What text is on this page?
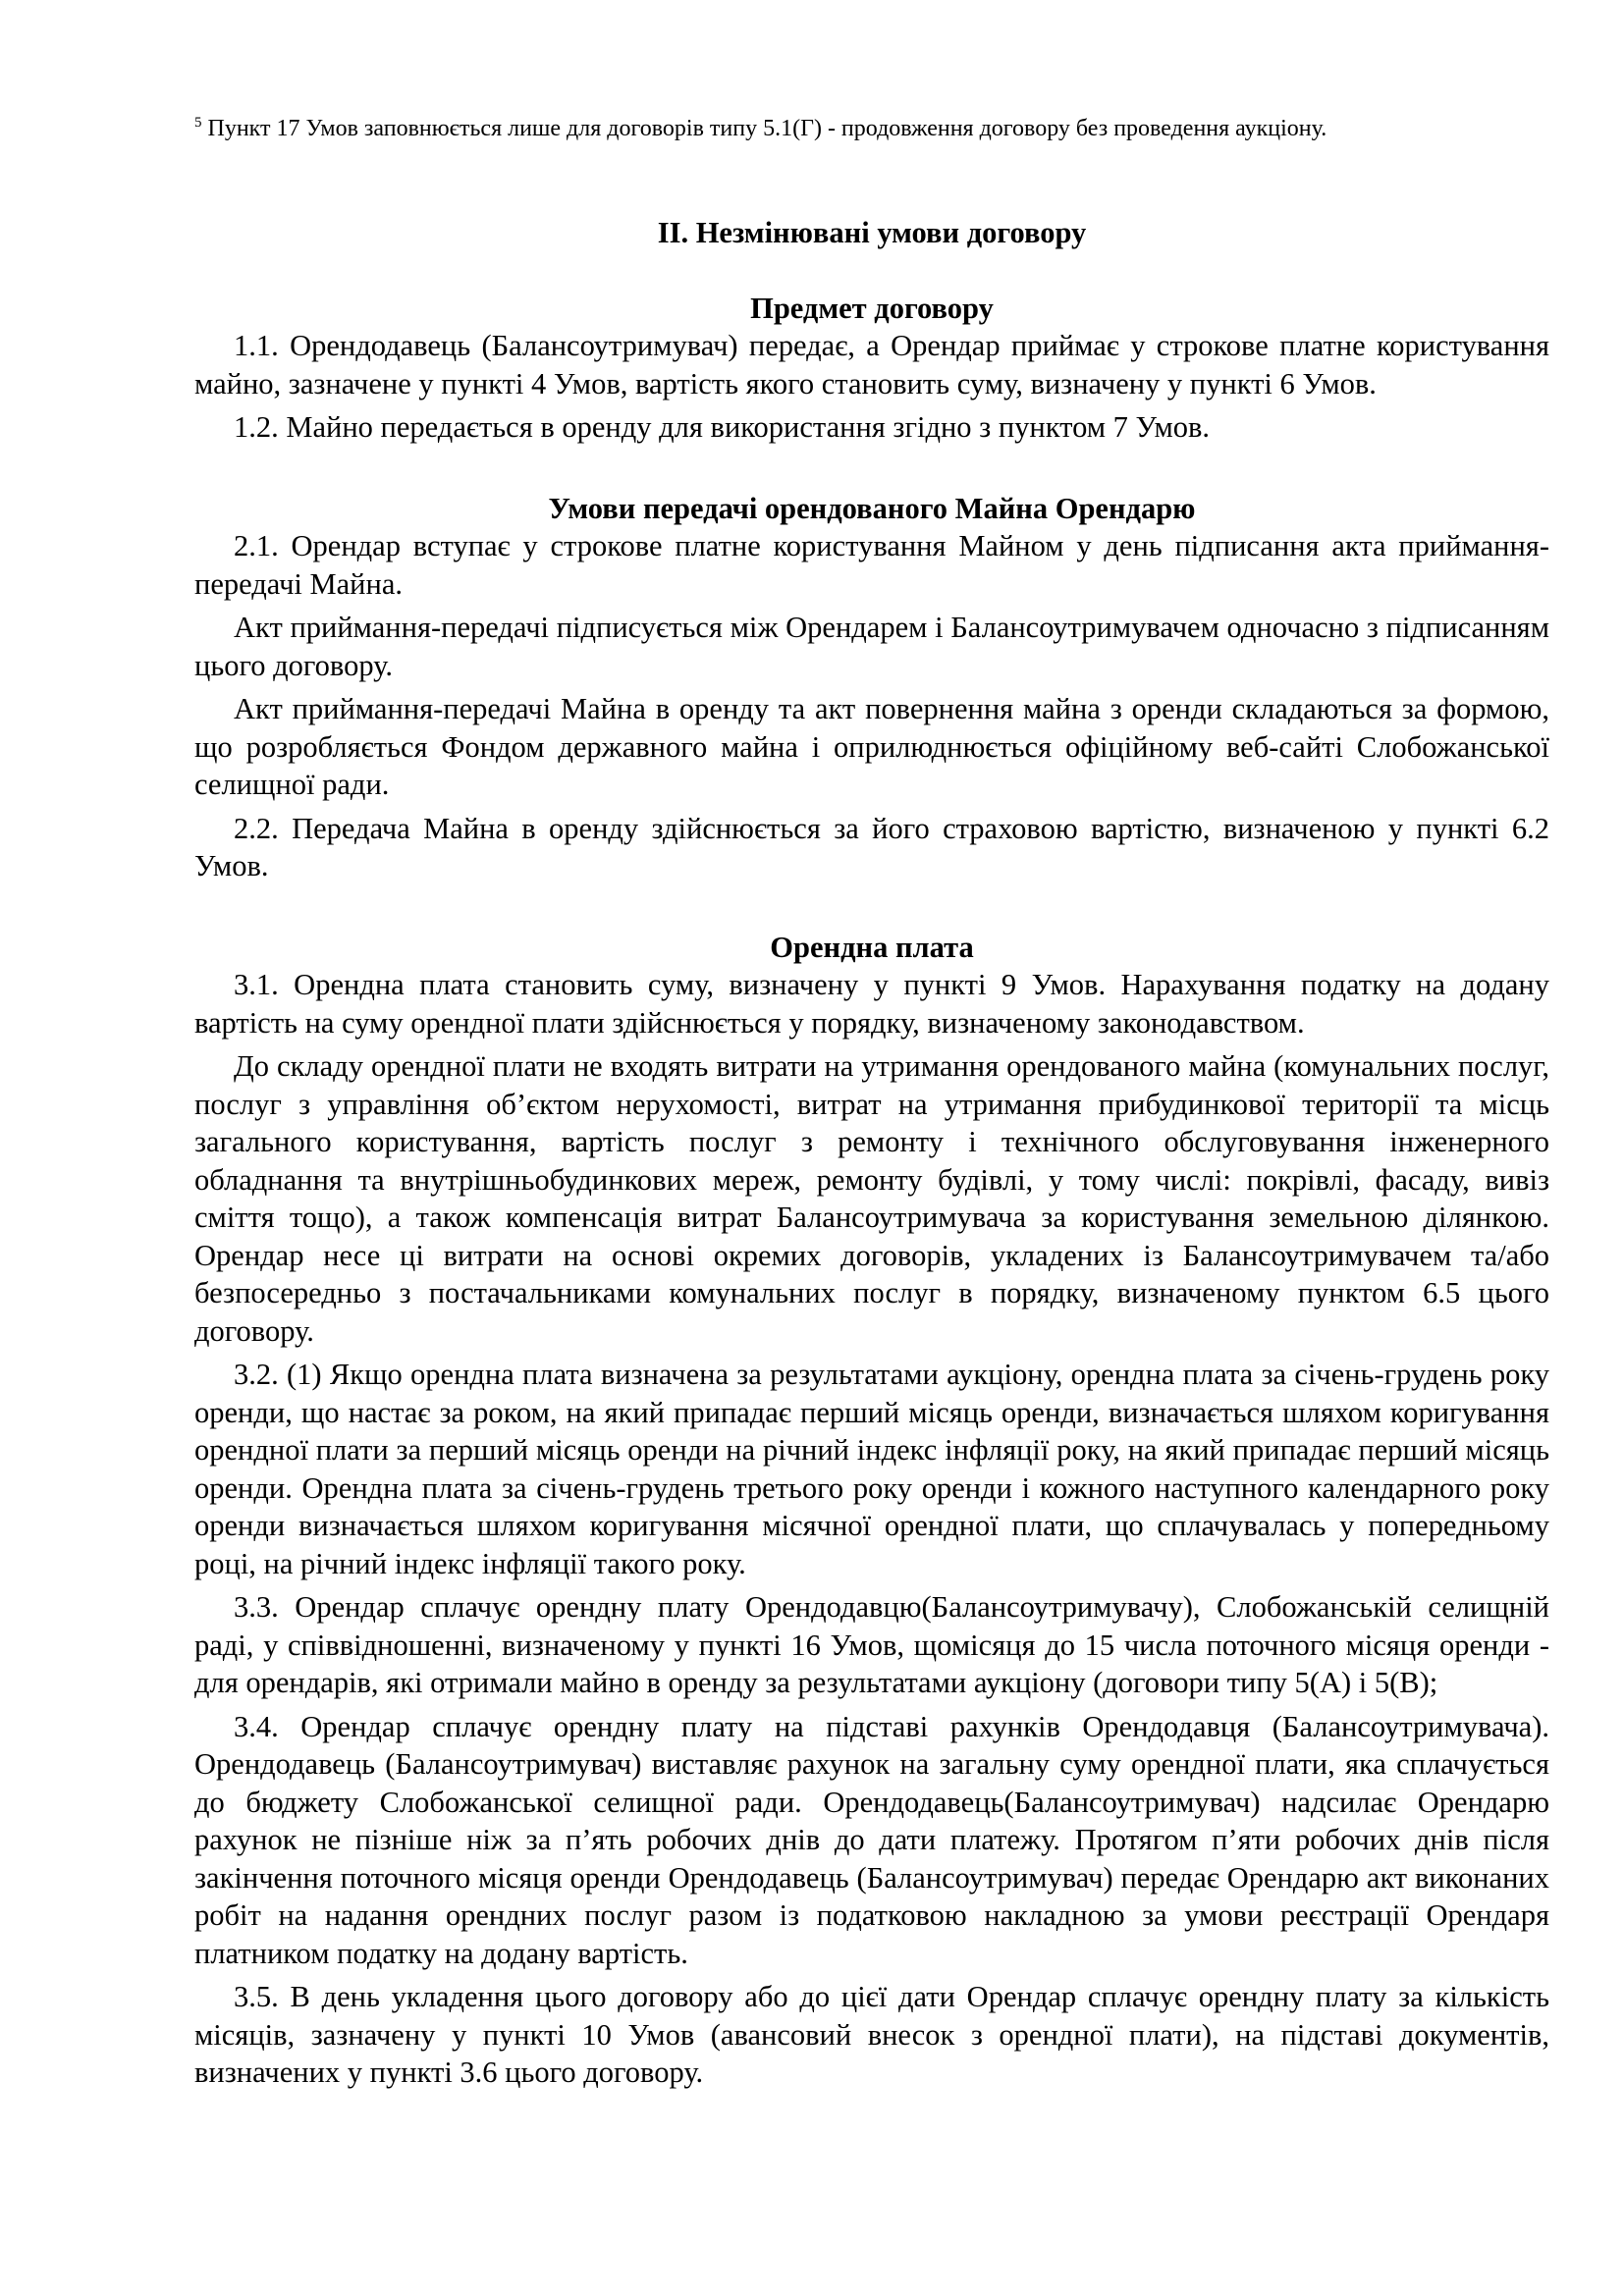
$^5$ Пункт 17 Умов заповнюється лише для договорів типу 5.1(Г) - продовження договору без проведення аукціону.

ІІ. Незмінювані умови договору

Предмет договору

1.1. Орендодавець (Балансоутримувач) передає, а Орендар приймає у строкове платне користування майно, зазначене у пункті 4 Умов, вартість якого становить суму, визначену у пункті 6 Умов.

1.2. Майно передається в оренду для використання згідно з пунктом 7 Умов.

Умови передачі орендованого Майна Орендарю

2.1. Орендар вступає у строкове платне користування Майном у день підписання акта приймання-передачі Майна.

Акт приймання-передачі підписується між Орендарем і Балансоутримувачем одночасно з підписанням цього договору.

Акт приймання-передачі Майна в оренду та акт повернення майна з оренди складаються за формою, що розробляється Фондом державного майна і оприлюднюється офіційному веб-сайті Слобожанської селищної ради.

2.2. Передача Майна в оренду здійснюється за його страховою вартістю, визначеною у пункті 6.2 Умов.

Орендна плата

3.1. Орендна плата становить суму, визначену у пункті 9 Умов. Нарахування податку на додану вартість на суму орендної плати здійснюється у порядку, визначеному законодавством.

До складу орендної плати не входять витрати на утримання орендованого майна (комунальних послуг, послуг з управління об’єктом нерухомості, витрат на утримання прибудинкової території та місць загального користування, вартість послуг з ремонту і технічного обслуговування інженерного обладнання та внутрішньобудинкових мереж, ремонту будівлі, у тому числі: покрівлі, фасаду, вивіз сміття тощо), а також компенсація витрат Балансоутримувача за користування земельною ділянкою. Орендар несе ці витрати на основі окремих договорів, укладених із Балансоутримувачем та/або безпосередньо з постачальниками комунальних послуг в порядку, визначеному пунктом 6.5 цього договору.

3.2. (1) Якщо орендна плата визначена за результатами аукціону, орендна плата за січень-грудень року оренди, що настає за роком, на який припадає перший місяць оренди, визначається шляхом коригування орендної плати за перший місяць оренди на річний індекс інфляції року, на який припадає перший місяць оренди. Орендна плата за січень-грудень третього року оренди і кожного наступного календарного року оренди визначається шляхом коригування місячної орендної плати, що сплачувалась у попередньому році, на річний індекс інфляції такого року.

3.3. Орендар сплачує орендну плату Орендодавцю(Балансоутримувачу), Слобожанській селищній раді, у співвідношенні, визначеному у пункті 16 Умов, щомісяця до 15 числа поточного місяця оренди - для орендарів, які отримали майно в оренду за результатами аукціону (договори типу 5(А) і 5(В);

3.4. Орендар сплачує орендну плату на підставі рахунків Орендодавця (Балансоутримувача). Орендодавець (Балансоутримувач) виставляє рахунок на загальну суму орендної плати, яка сплачується до бюджету Слобожанської селищної ради. Орендодавець(Балансоутримувач) надсилає Орендарю рахунок не пізніше ніж за п’ять робочих днів до дати платежу. Протягом п’яти робочих днів після закінчення поточного місяця оренди Орендодавець (Балансоутримувач) передає Орендарю акт виконаних робіт на надання орендних послуг разом із податковою накладною за умови реєстрації Орендаря платником податку на додану вартість.

3.5. В день укладення цього договору або до цієї дати Орендар сплачує орендну плату за кількість місяців, зазначену у пункті 10 Умов (авансовий внесок з орендної плати), на підставі документів, визначених у пункті 3.6 цього договору.
